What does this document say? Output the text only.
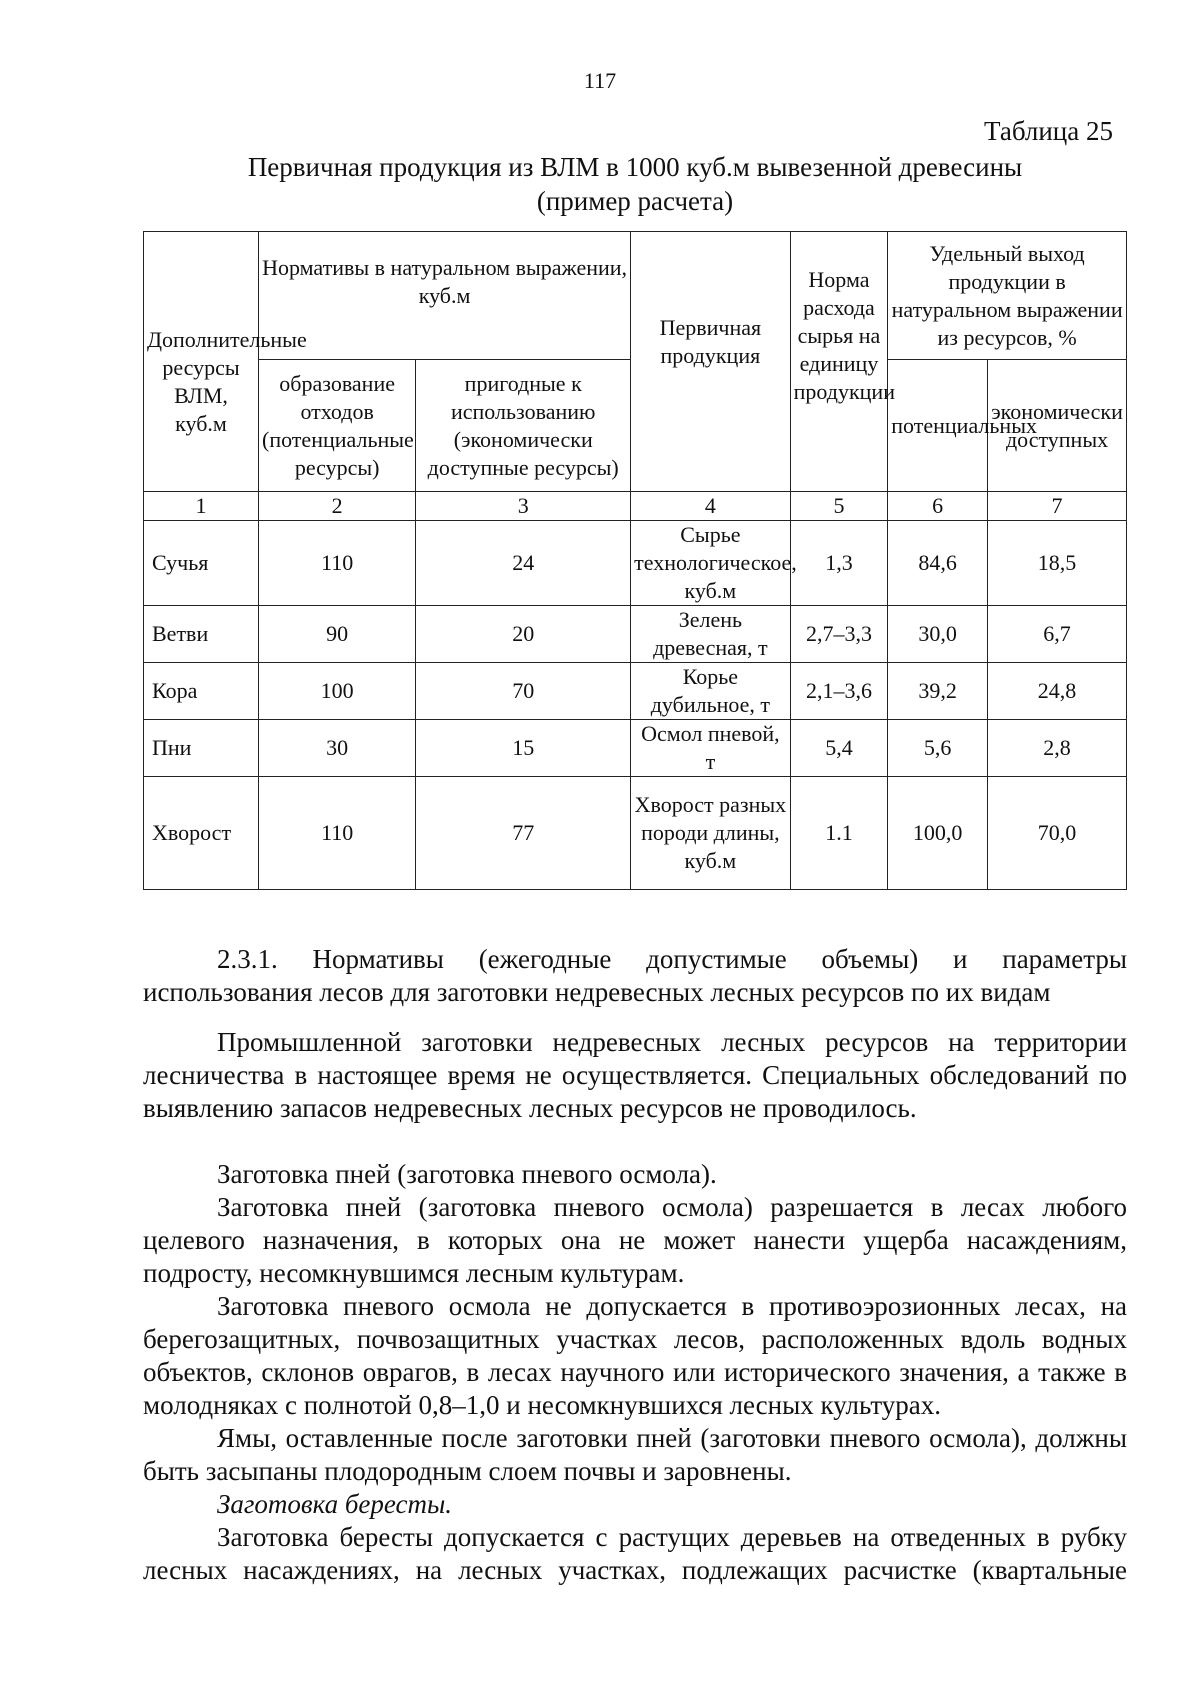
117
Таблица 25
Первичная продукция из ВЛМ в 1000 куб.м вывезенной древесины
(пример расчета)
Дополнительные ресурсы ВЛМ, куб.м	Нормативы в натуральном выражении, куб.м		Первичная продукция	Норма расхода сырья на единицу продукции	Удельный выход продукции в натуральном выражении из ресурсов, %	
	образование отходов (потенциальные ресурсы)	пригодные к использованию (экономически доступные ресурсы)			потенциальных	экономически доступных
1	2	3	4	5	6	7
Сучья	110	24	Сырье технологическое, куб.м	1,3	84,6	18,5
Ветви	90	20	Зелень древесная, т	2,7–3,3	30,0	6,7
Кора	100	70	Корье дубильное, т	2,1–3,6	39,2	24,8
Пни	30	15	Осмол пневой, т	5,4	5,6	2,8
Хворост	110	77	Хворост разных породи длины, куб.м	1.1	100,0	70,0

2.3.1. Нормативы (ежегодные допустимые объемы) и параметры использования лесов для заготовки недревесных лесных ресурсов по их видам

Промышленной заготовки недревесных лесных ресурсов на территории лесничества в настоящее время не осуществляется. Специальных обследований по выявлению запасов недревесных лесных ресурсов не проводилось.

Заготовка пней (заготовка пневого осмола).

Заготовка пней (заготовка пневого осмола) разрешается в лесах любого целевого назначения, в которых она не может нанести ущерба насаждениям, подросту, несомкнувшимся лесным культурам.

Заготовка пневого осмола не допускается в противоэрозионных лесах, на берегозащитных, почвозащитных участках лесов, расположенных вдоль водных объектов, склонов оврагов, в лесах научного или исторического значения, а также в молодняках с полнотой 0,8–1,0 и несомкнувшихся лесных культурах.

Ямы, оставленные после заготовки пней (заготовки пневого осмола), должны быть засыпаны плодородным слоем почвы и заровнены.

Заготовка бересты.

Заготовка бересты допускается с растущих деревьев на отведенных в рубку лесных насаждениях, на лесных участках, подлежащих расчистке (квартальные
